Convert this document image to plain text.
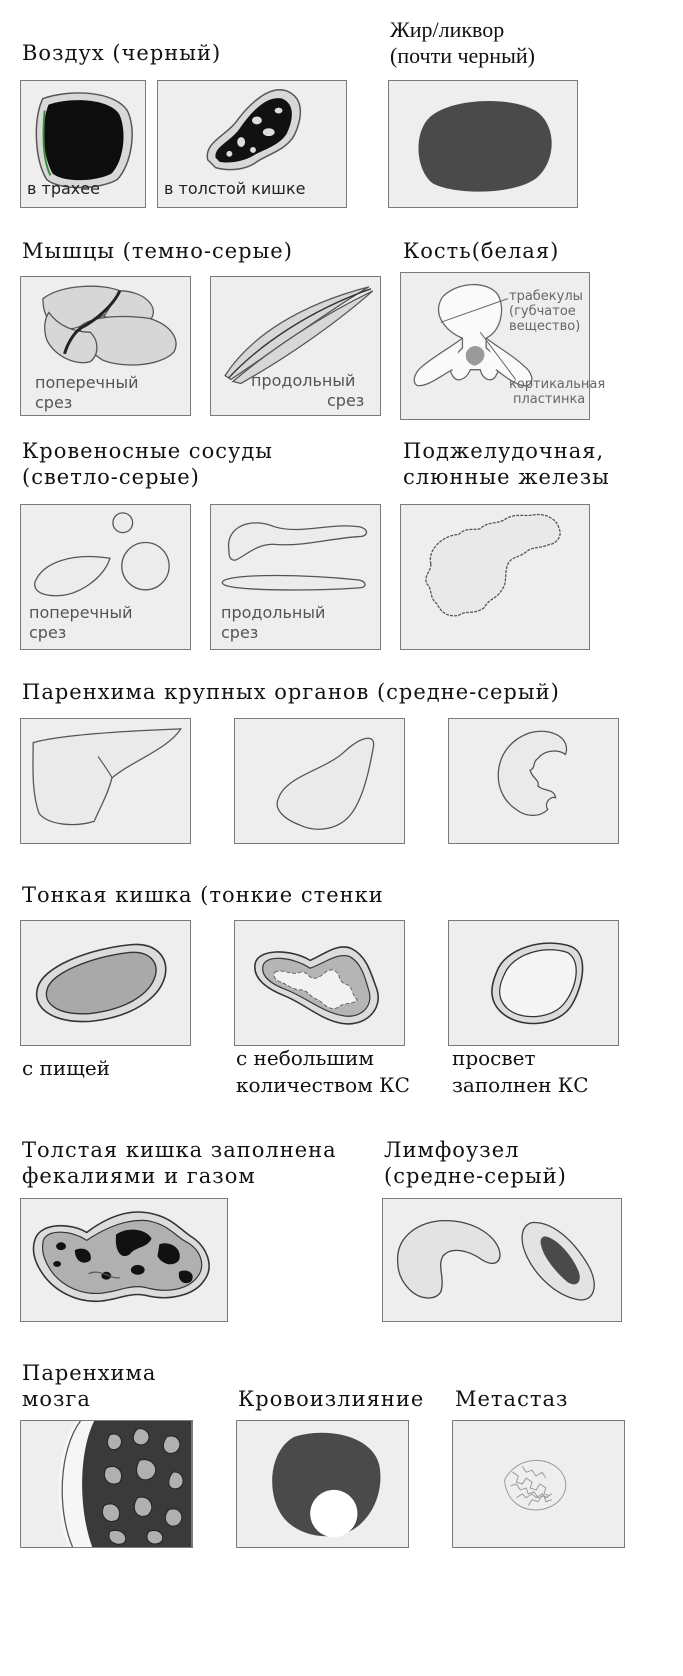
Воздух (черный)
Жир/ликвор
(почти черный)
в трахее	в толстой кишке
Мышцы (темно-серые)	Кость(белая)
поперечный
срез
продольный
срез
трабекулы
(губчатое
вещество)
кортикальная
пластинка
Кровеносные сосуды
(светло-серые)
Поджелудочная,
слюнные железы
поперечный
срез
продольный
срез
Паренхима крупных органов (средне-серый)
Тонкая кишка (тонкие стенки
с пищей	с небольшим
количеством КС
просвет
заполнен КС
Толстая кишка заполнена
фекалиями и газом
Лимфоузел
(средне-серый)
Паренхима
мозга	Кровоизлияние Метастаз
